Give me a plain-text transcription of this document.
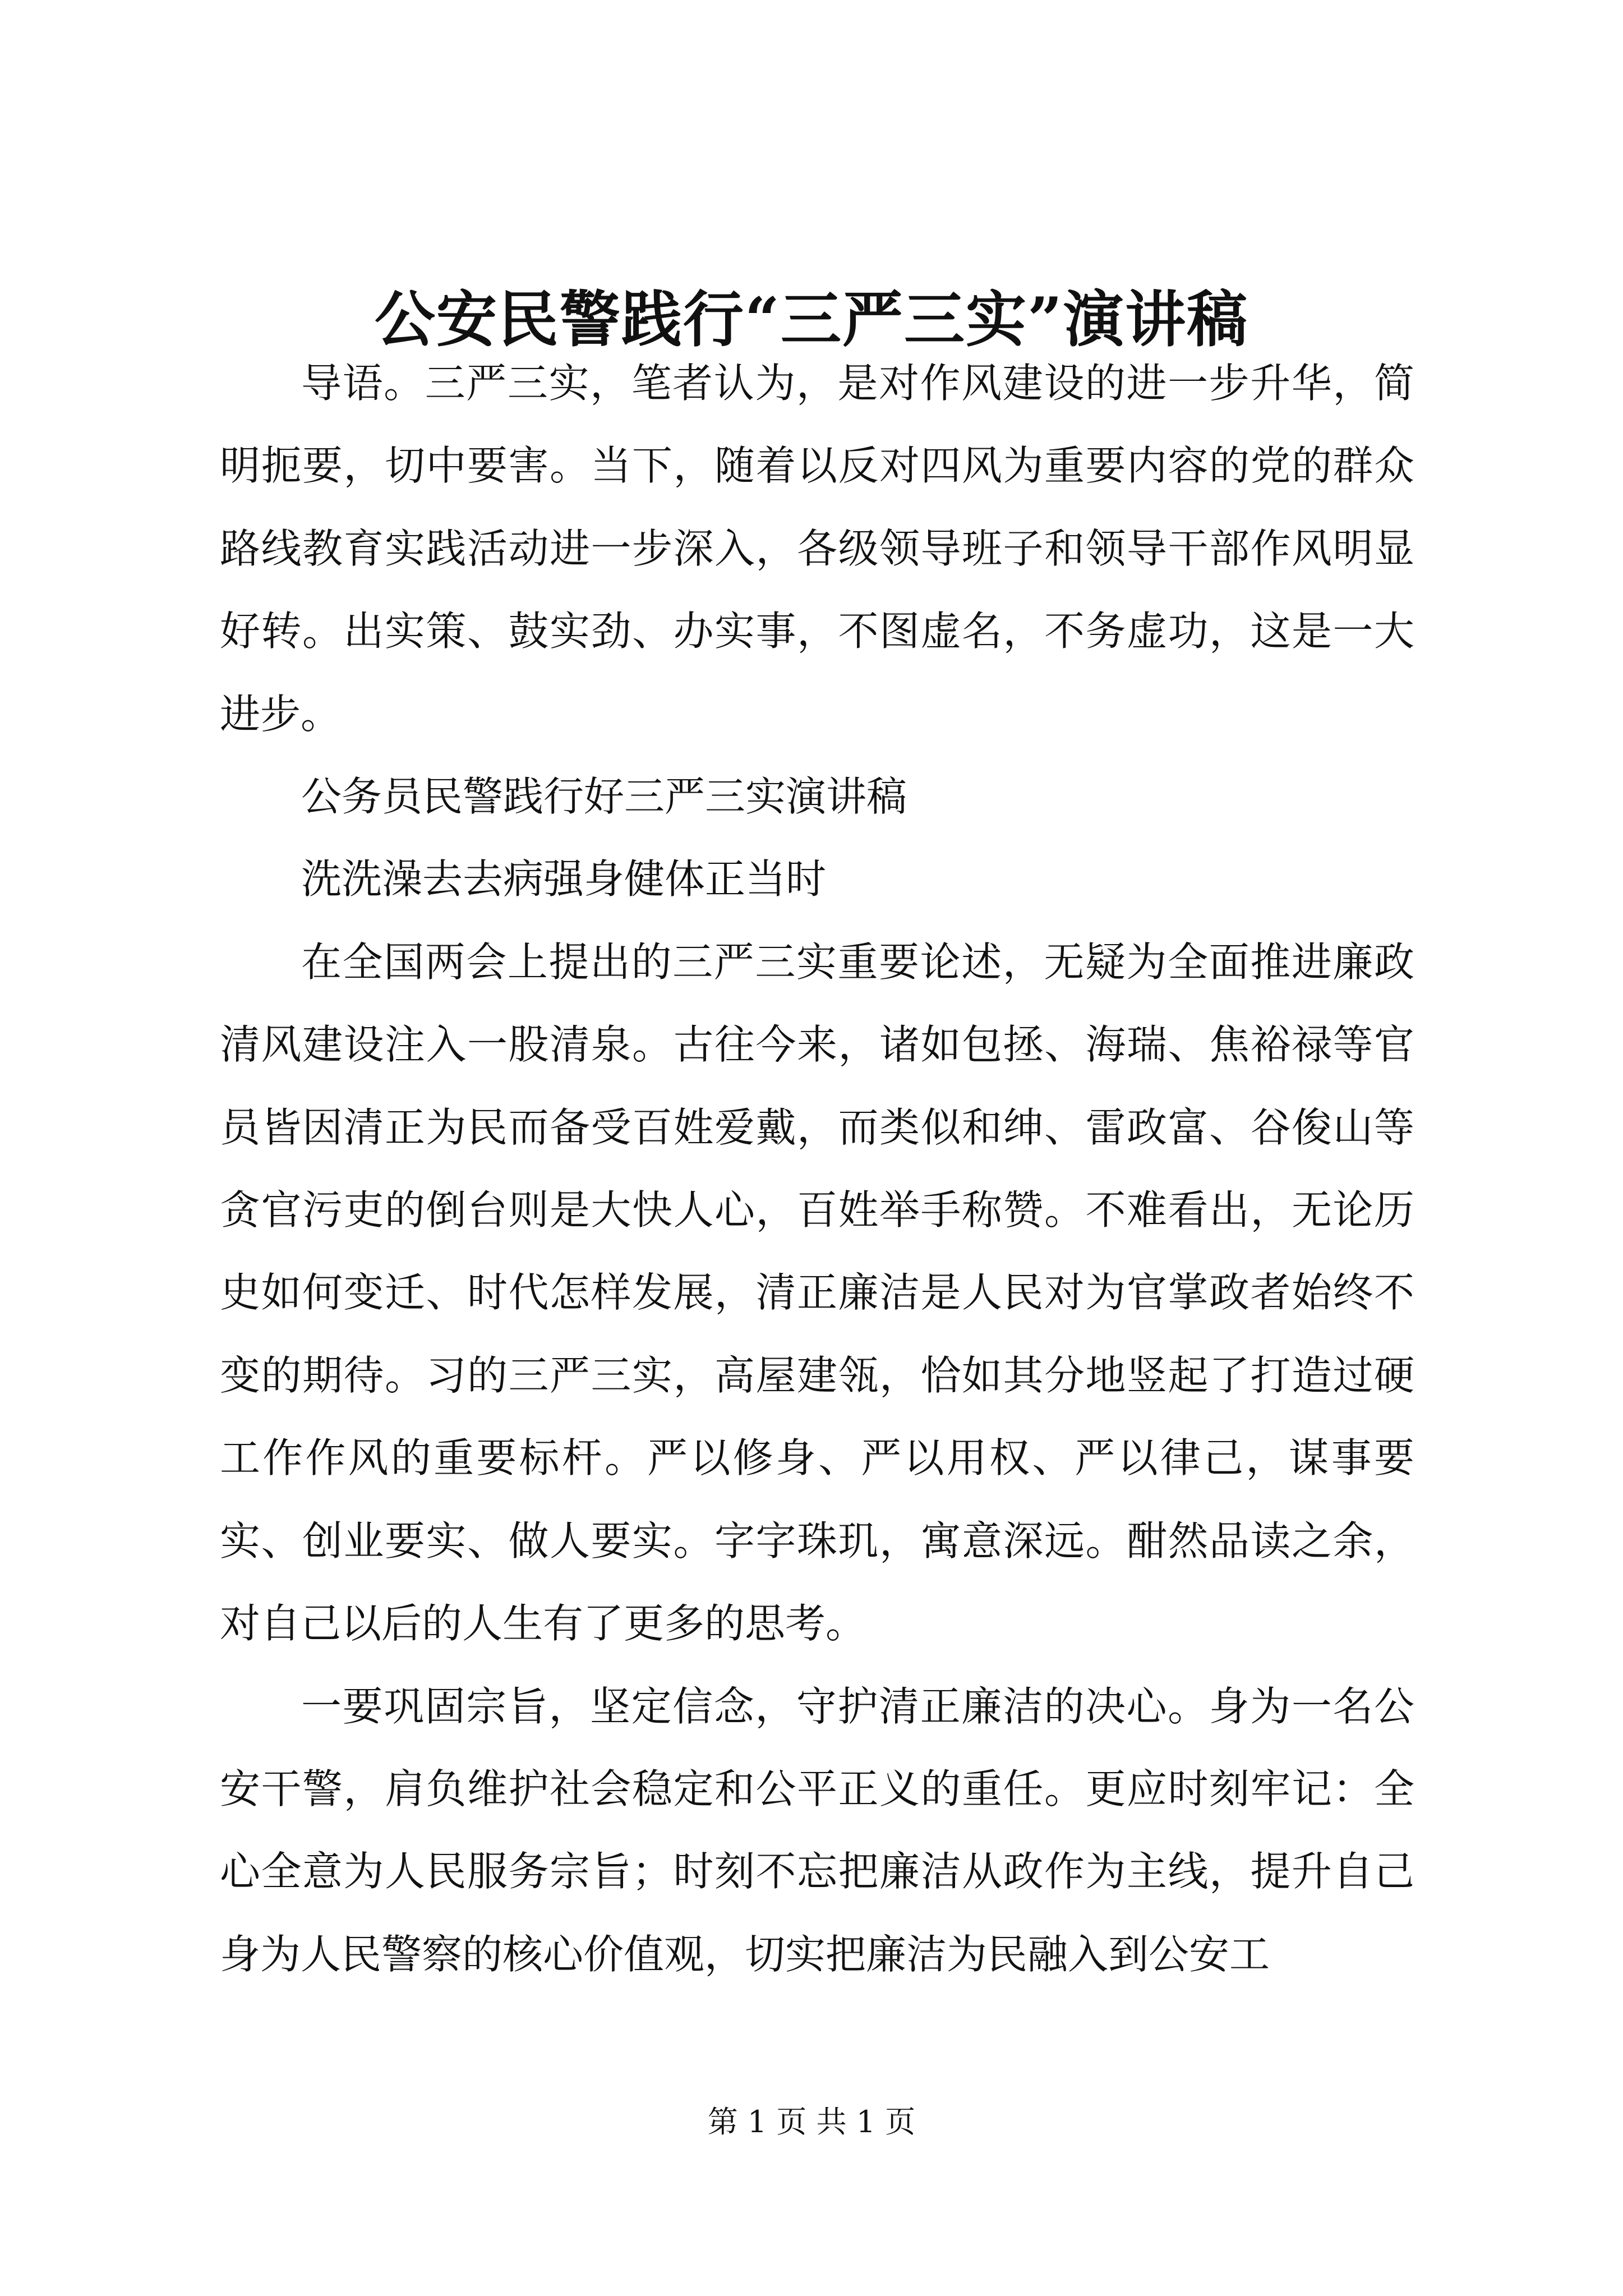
公安民警践行“三严三实”演讲稿

导语。三严三实，笔者认为，是对作风建设的进一步升华，简明扼要，切中要害。当下，随着以反对四风为重要内容的党的群众路线教育实践活动进一步深入，各级领导班子和领导干部作风明显好转。出实策、鼓实劲、办实事，不图虚名，不务虚功，这是一大进步。

公务员民警践行好三严三实演讲稿

洗洗澡去去病强身健体正当时

在全国两会上提出的三严三实重要论述，无疑为全面推进廉政清风建设注入一股清泉。古往今来，诸如包拯、海瑞、焦裕禄等官员皆因清正为民而备受百姓爱戴，而类似和绅、雷政富、谷俊山等贪官污吏的倒台则是大快人心，百姓举手称赞。不难看出，无论历史如何变迁、时代怎样发展，清正廉洁是人民对为官掌政者始终不变的期待。习的三严三实，高屋建瓴，恰如其分地竖起了打造过硬工作作风的重要标杆。严以修身、严以用权、严以律己，谋事要实、创业要实、做人要实。字字珠玑，寓意深远。酣然品读之余，对自己以后的人生有了更多的思考。

一要巩固宗旨，坚定信念，守护清正廉洁的决心。身为一名公安干警，肩负维护社会稳定和公平正义的重任。更应时刻牢记：全心全意为人民服务宗旨；时刻不忘把廉洁从政作为主线，提升自己身为人民警察的核心价值观，切实把廉洁为民融入到公安工

第 1 页 共 1 页
